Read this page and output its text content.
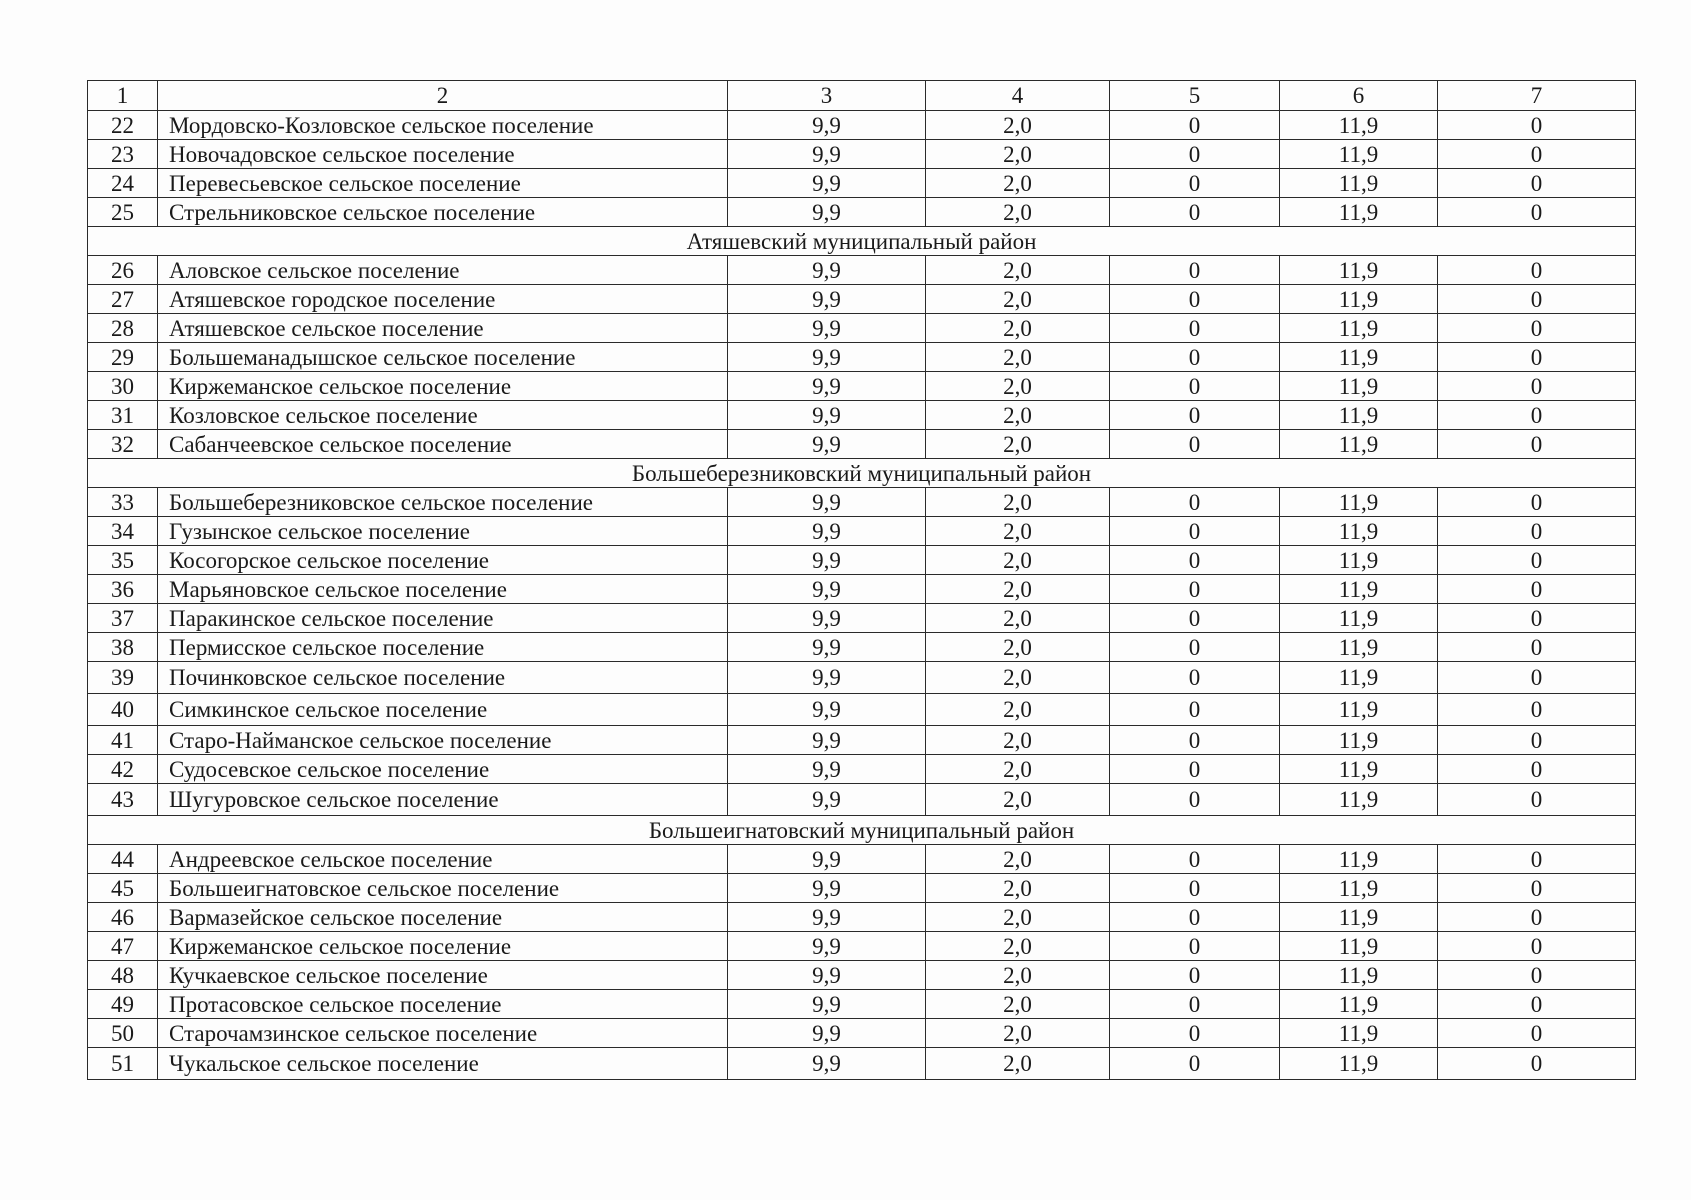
1	2	3	4	5	6	7
22	Мордовско-Козловское сельское поселение	9,9	2,0	0	11,9	0
23	Новочадовское сельское поселение	9,9	2,0	0	11,9	0
24	Перевесьевское сельское поселение	9,9	2,0	0	11,9	0
25	Стрельниковское сельское поселение	9,9	2,0	0	11,9	0
Атяшевский муниципальный район						
26	Аловское сельское поселение	9,9	2,0	0	11,9	0
27	Атяшевское городское поселение	9,9	2,0	0	11,9	0
28	Атяшевское сельское поселение	9,9	2,0	0	11,9	0
29	Большеманадышское сельское поселение	9,9	2,0	0	11,9	0
30	Киржеманское сельское поселение	9,9	2,0	0	11,9	0
31	Козловское сельское поселение	9,9	2,0	0	11,9	0
32	Сабанчеевское сельское поселение	9,9	2,0	0	11,9	0
Большеберезниковский муниципальный район						
33	Большеберезниковское сельское поселение	9,9	2,0	0	11,9	0
34	Гузынское сельское поселение	9,9	2,0	0	11,9	0
35	Косогорское сельское поселение	9,9	2,0	0	11,9	0
36	Марьяновское сельское поселение	9,9	2,0	0	11,9	0
37	Паракинское сельское поселение	9,9	2,0	0	11,9	0
38	Пермисское сельское поселение	9,9	2,0	0	11,9	0
39	Починковское сельское поселение	9,9	2,0	0	11,9	0
40	Симкинское сельское поселение	9,9	2,0	0	11,9	0
41	Старо-Найманское сельское поселение	9,9	2,0	0	11,9	0
42	Судосевское сельское поселение	9,9	2,0	0	11,9	0
43	Шугуровское сельское поселение	9,9	2,0	0	11,9	0
Большеигнатовский муниципальный район						
44	Андреевское сельское поселение	9,9	2,0	0	11,9	0
45	Большеигнатовское сельское поселение	9,9	2,0	0	11,9	0
46	Вармазейское сельское поселение	9,9	2,0	0	11,9	0
47	Киржеманское сельское поселение	9,9	2,0	0	11,9	0
48	Кучкаевское сельское поселение	9,9	2,0	0	11,9	0
49	Протасовское сельское поселение	9,9	2,0	0	11,9	0
50	Старочамзинское сельское поселение	9,9	2,0	0	11,9	0
51	Чукальское сельское поселение	9,9	2,0	0	11,9	0
